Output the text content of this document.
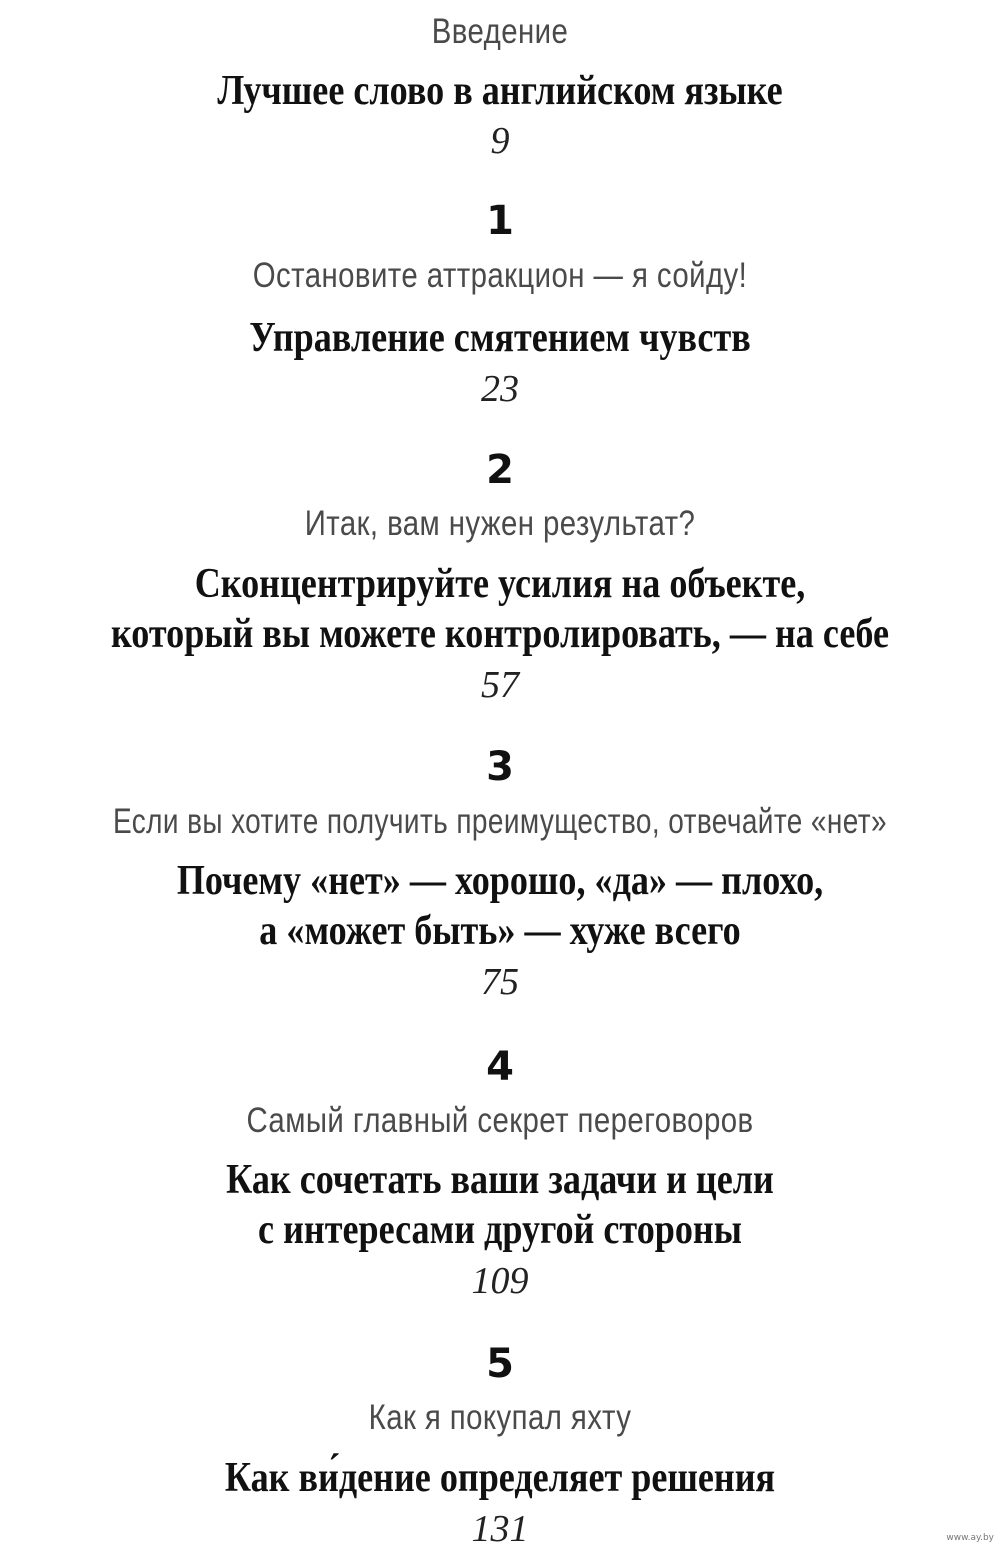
Введение
Лучшее слово в английском языке
9
1
Остановите аттракцион — я сойду!
Управление смятением чувств
23
2
Итак, вам нужен результат?
Сконцентрируйте усилия на объекте,
который вы можете контролировать, — на себе
57
3
Если вы хотите получить преимущество, отвечайте «нет»
Почему «нет» — хорошо, «да» — плохо,
а «может быть» — хуже всего
75
4
Самый главный секрет переговоров
Как сочетать ваши задачи и цели
с интересами другой стороны
109
5
Как я покупал яхту
Как ви́дение определяет решения
131	www.ay.by
